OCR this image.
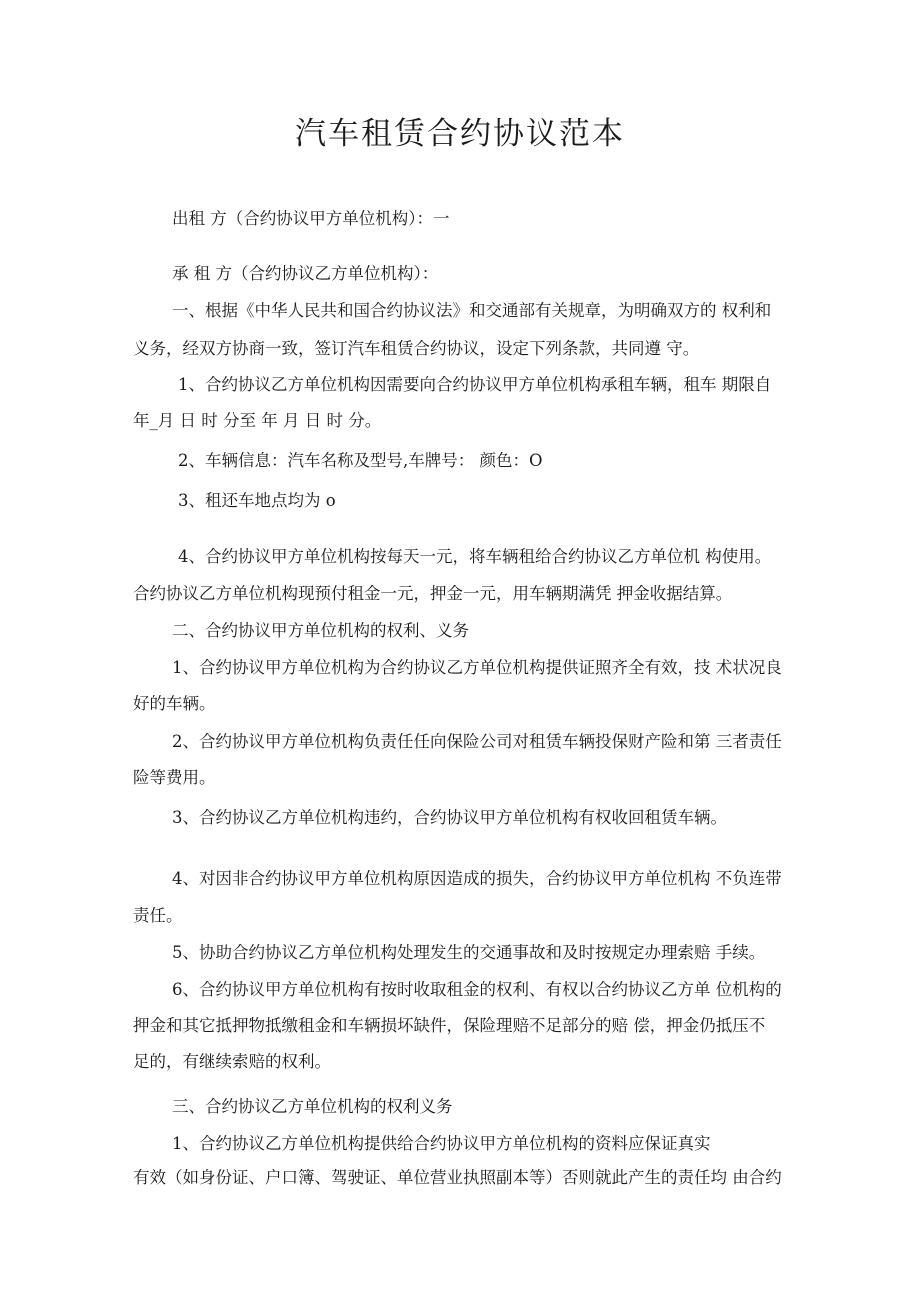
汽车租赁合约协议范本

出租 方（合约协议甲方单位机构）：一

承 租 方（合约协议乙方单位机构）：

一、根据《中华人民共和国合约协议法》和交通部有关规章，为明确双方的 权利和

义务，经双方协商一致，签订汽车租赁合约协议，设定下列条款，共同遵 守。

1、合约协议乙方单位机构因需要向合约协议甲方单位机构承租车辆，租车 期限自

年_月 日 时 分至 年 月 日 时 分。

2、车辆信息：汽车名称及型号,车牌号： 颜色：O

3、租还车地点均为 o

4、合约协议甲方单位机构按每天一元，将车辆租给合约协议乙方单位机 构使用。

合约协议乙方单位机构现预付租金一元，押金一元，用车辆期满凭 押金收据结算。

二、合约协议甲方单位机构的权利、义务

1、合约协议甲方单位机构为合约协议乙方单位机构提供证照齐全有效，技 术状况良

好的车辆。

2、合约协议甲方单位机构负责任任向保险公司对租赁车辆投保财产险和第 三者责任

险等费用。

3、合约协议乙方单位机构违约，合约协议甲方单位机构有权收回租赁车辆。

4、对因非合约协议甲方单位机构原因造成的损失，合约协议甲方单位机构 不负连带

责任。

5、协助合约协议乙方单位机构处理发生的交通事故和及时按规定办理索赔 手续。

6、合约协议甲方单位机构有按时收取租金的权利、有权以合约协议乙方单 位机构的

押金和其它抵押物抵缴租金和车辆损坏缺件，保险理赔不足部分的赔 偿，押金仍抵压不

足的，有继续索赔的权利。

三、合约协议乙方单位机构的权利义务

1、合约协议乙方单位机构提供给合约协议甲方单位机构的资料应保证真实

有效（如身份证、户口簿、驾驶证、单位营业执照副本等）否则就此产生的责任均 由合约
